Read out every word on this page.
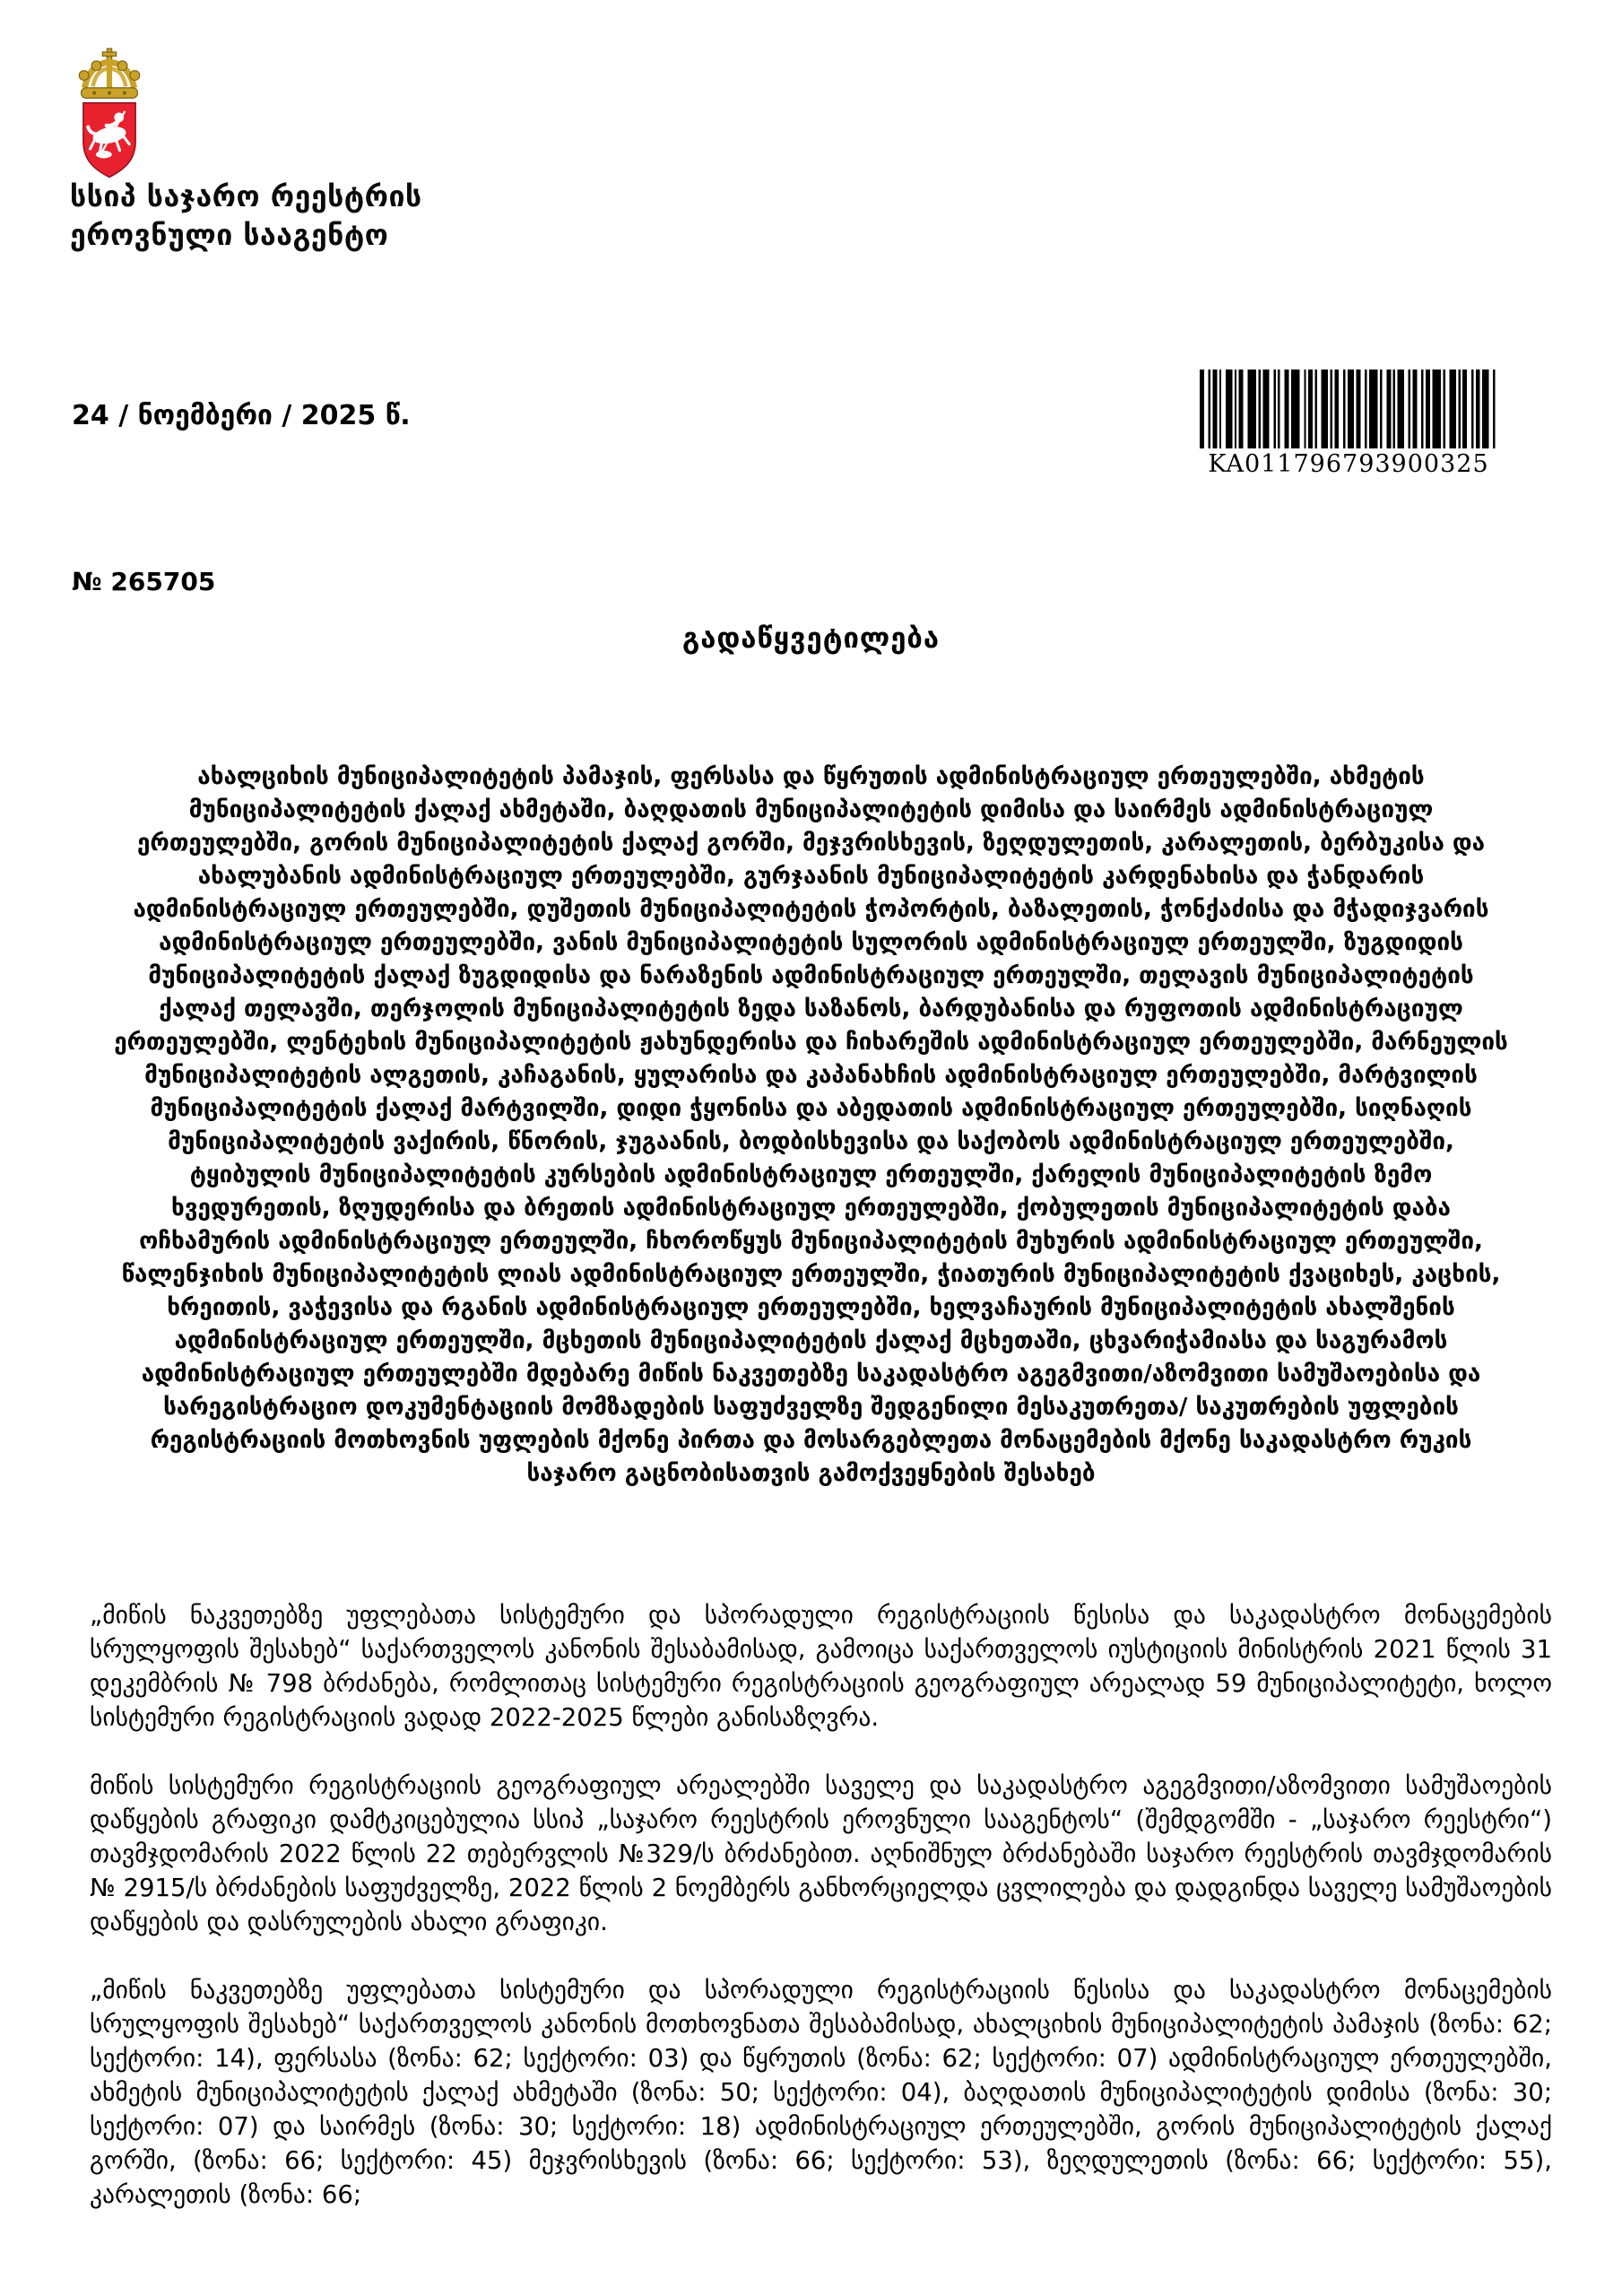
სსიპ საჯარო რეესტრის
ეროვნული სააგენტო
24 / ნოემბერი / 2025 წ.
KA011796793900325
№ 265705
გადაწყვეტილება

ახალციხის მუნიციპალიტეტის პამაჯის, ფერსასა და წყრუთის ადმინისტრაციულ ერთეულებში, ახმეტის მუნიციპალიტეტის ქალაქ ახმეტაში, ბაღდათის მუნიციპალიტეტის დიმისა და საირმეს ადმინისტრაციულ ერთეულებში, გორის მუნიციპალიტეტის ქალაქ გორში, მეჯვრისხევის, ზეღდულეთის, კარალეთის, ბერბუკისა და ახალუბანის ადმინისტრაციულ ერთეულებში, გურჯაანის მუნიციპალიტეტის კარდენახისა და ჭანდარის ადმინისტრაციულ ერთეულებში, დუშეთის მუნიციპალიტეტის ჭოპორტის, ბაზალეთის, ჭონქაძისა და მჭადიჯვარის ადმინისტრაციულ ერთეულებში, ვანის მუნიციპალიტეტის სულორის ადმინისტრაციულ ერთეულში, ზუგდიდის მუნიციპალიტეტის ქალაქ ზუგდიდისა და ნარაზენის ადმინისტრაციულ ერთეულში, თელავის მუნიციპალიტეტის ქალაქ თელავში, თერჯოლის მუნიციპალიტეტის ზედა საზანოს, ბარდუბანისა და რუფოთის ადმინისტრაციულ ერთეულებში, ლენტეხის მუნიციპალიტეტის ჟახუნდერისა და ჩიხარეშის ადმინისტრაციულ ერთეულებში, მარნეულის მუნიციპალიტეტის ალგეთის, კაჩაგანის, ყულარისა და კაპანახჩის ადმინისტრაციულ ერთეულებში, მარტვილის მუნიციპალიტეტის ქალაქ მარტვილში, დიდი ჭყონისა და აბედათის ადმინისტრაციულ ერთეულებში, სიღნაღის მუნიციპალიტეტის ვაქირის, წნორის, ჯუგაანის, ბოდბისხევისა და საქობოს ადმინისტრაციულ ერთეულებში, ტყიბულის მუნიციპალიტეტის კურსების ადმინისტრაციულ ერთეულში, ქარელის მუნიციპალიტეტის ზემო ხვედურეთის, ზღუდერისა და ბრეთის ადმინისტრაციულ ერთეულებში, ქობულეთის მუნიციპალიტეტის დაბა ოჩხამურის ადმინისტრაციულ ერთეულში, ჩხოროწყუს მუნიციპალიტეტის მუხურის ადმინისტრაციულ ერთეულში, წალენჯიხის მუნიციპალიტეტის ლიას ადმინისტრაციულ ერთეულში, ჭიათურის მუნიციპალიტეტის ქვაციხეს, კაცხის, ხრეითის, ვაჭევისა და რგანის ადმინისტრაციულ ერთეულებში, ხელვაჩაურის მუნიციპალიტეტის ახალშენის ადმინისტრაციულ ერთეულში, მცხეთის მუნიციპალიტეტის ქალაქ მცხეთაში, ცხვარიჭამიასა და საგურამოს ადმინისტრაციულ ერთეულებში მდებარე მიწის ნაკვეთებზე საკადასტრო აგეგმვითი/აზომვითი სამუშაოებისა და სარეგისტრაციო დოკუმენტაციის მომზადების საფუძველზე შედგენილი მესაკუთრეთა/ საკუთრების უფლების რეგისტრაციის მოთხოვნის უფლების მქონე პირთა და მოსარგებლეთა მონაცემების მქონე საკადასტრო რუკის საჯარო გაცნობისათვის გამოქვეყნების შესახებ

„მიწის ნაკვეთებზე უფლებათა სისტემური და სპორადული რეგისტრაციის წესისა და საკადასტრო მონაცემების სრულყოფის შესახებ“ საქართველოს კანონის შესაბამისად, გამოიცა საქართველოს იუსტიციის მინისტრის 2021 წლის 31 დეკემბრის № 798 ბრძანება, რომლითაც სისტემური რეგისტრაციის გეოგრაფიულ არეალად 59 მუნიციპალიტეტი, ხოლო სისტემური რეგისტრაციის ვადად 2022-2025 წლები განისაზღვრა.

მიწის სისტემური რეგისტრაციის გეოგრაფიულ არეალებში საველე და საკადასტრო აგეგმვითი/აზომვითი სამუშაოების დაწყების გრაფიკი დამტკიცებულია სსიპ „საჯარო რეესტრის ეროვნული სააგენტოს“ (შემდგომში - „საჯარო რეესტრი“) თავმჯდომარის 2022 წლის 22 თებერვლის №329/ს ბრძანებით. აღნიშნულ ბრძანებაში საჯარო რეესტრის თავმჯდომარის № 2915/ს ბრძანების საფუძველზე, 2022 წლის 2 ნოემბერს განხორციელდა ცვლილება და დადგინდა საველე სამუშაოების დაწყების და დასრულების ახალი გრაფიკი.

„მიწის ნაკვეთებზე უფლებათა სისტემური და სპორადული რეგისტრაციის წესისა და საკადასტრო მონაცემების სრულყოფის შესახებ“ საქართველოს კანონის მოთხოვნათა შესაბამისად, ახალციხის მუნიციპალიტეტის პამაჯის (ზონა: 62; სექტორი: 14), ფერსასა (ზონა: 62; სექტორი: 03) და წყრუთის (ზონა: 62; სექტორი: 07) ადმინისტრაციულ ერთეულებში, ახმეტის მუნიციპალიტეტის ქალაქ ახმეტაში (ზონა: 50; სექტორი: 04), ბაღდათის მუნიციპალიტეტის დიმისა (ზონა: 30; სექტორი: 07) და საირმეს (ზონა: 30; სექტორი: 18) ადმინისტრაციულ ერთეულებში, გორის მუნიციპალიტეტის ქალაქ გორში, (ზონა: 66; სექტორი: 45) მეჯვრისხევის (ზონა: 66; სექტორი: 53), ზეღდულეთის (ზონა: 66; სექტორი: 55), კარალეთის (ზონა: 66;
